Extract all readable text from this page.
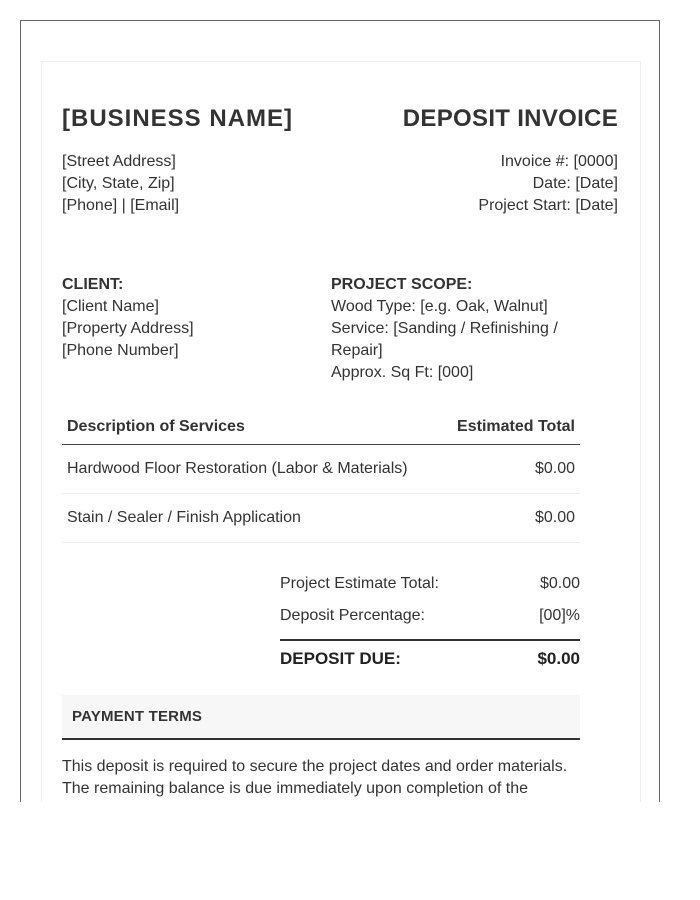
[BUSINESS NAME]	DEPOSIT INVOICE
[Street Address]
[City, State, Zip]
[Phone] | [Email]
Invoice #: [0000]
Date: [Date]
Project Start: [Date]
CLIENT:
[Client Name]
[Property Address]
[Phone Number]
PROJECT SCOPE:
Wood Type: [e.g. Oak, Walnut]
Service: [Sanding / Refinishing / Repair]
Approx. Sq Ft: [000]
Description of Services	Estimated Total
Hardwood Floor Restoration (Labor & Materials)	$0.00
Stain / Sealer / Finish Application	$0.00
Project Estimate Total:	$0.00
Deposit Percentage:	[00]%
DEPOSIT DUE:	$0.00
PAYMENT TERMS
This deposit is required to secure the project dates and order materials. The remaining balance is due immediately upon completion of the
